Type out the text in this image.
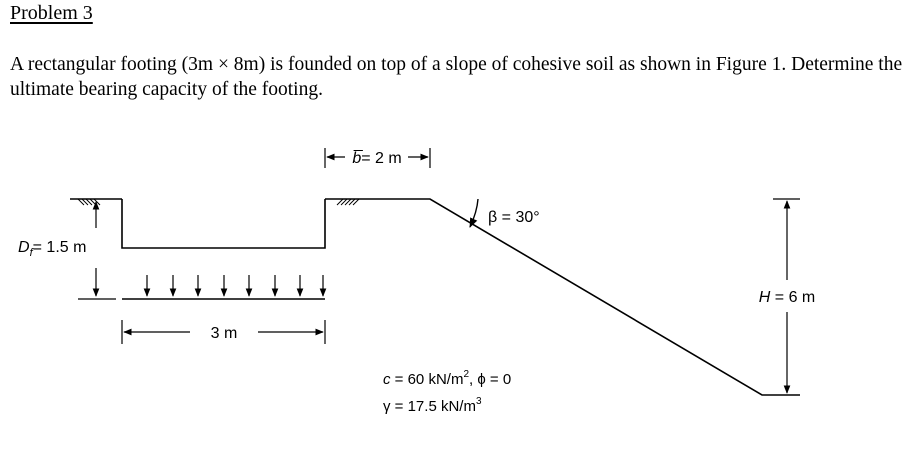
Problem 3

A rectangular footing (3m × 8m) is founded on top of a slope of cohesive soil as shown in Figure 1. Determine the ultimate bearing capacity of the footing.

$D_f= 1.5$ m
3 m
b̅= 2 m
β = 30°
H = 6 m
c = 60 $kN/m^2$, ϕ = 0
γ = 17.5 $kN/m^3$
